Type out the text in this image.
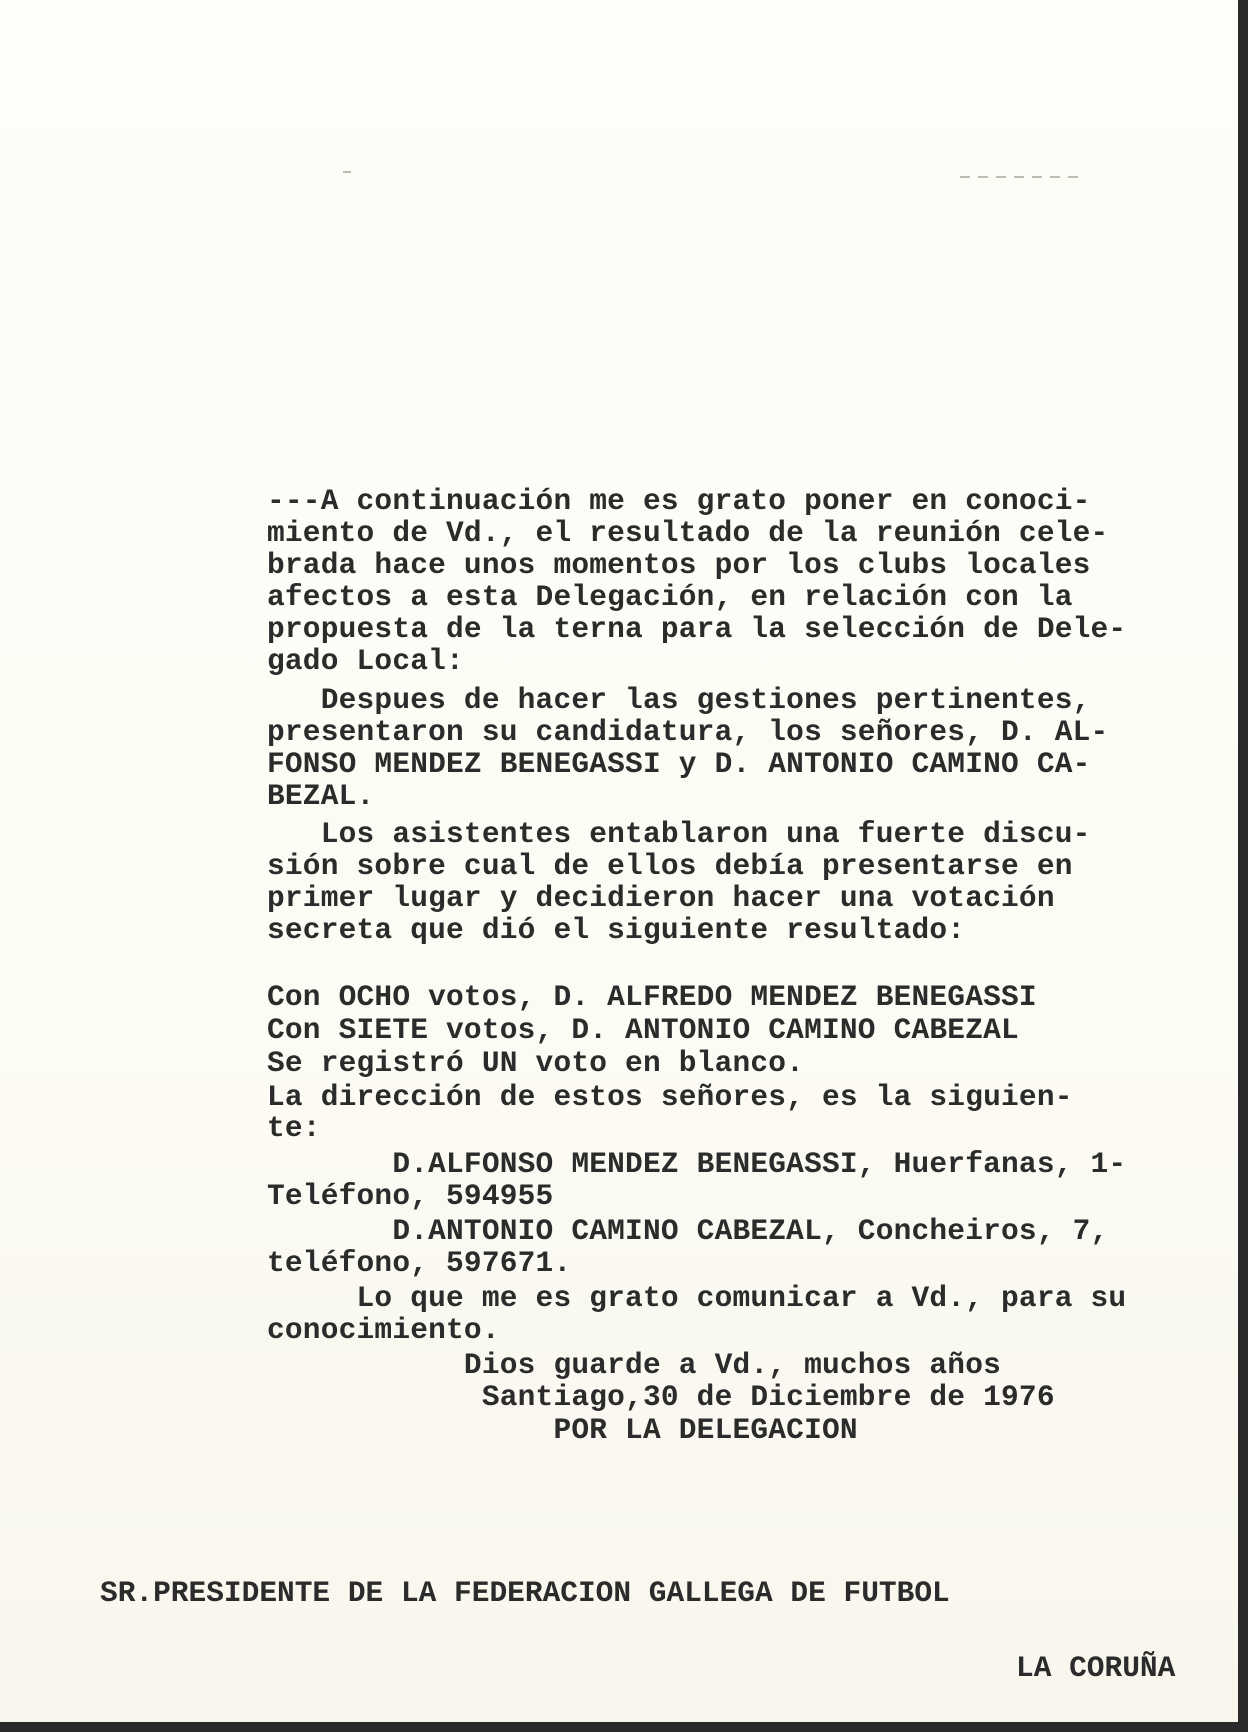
---A continuación me es grato poner en conoci-
miento de Vd., el resultado de la reunión cele-
brada hace unos momentos por los clubs locales
afectos a esta Delegación, en relación con la
propuesta de la terna para la selección de Dele-
gado Local:
Despues de hacer las gestiones pertinentes,
presentaron su candidatura, los señores, D. AL-
FONSO MENDEZ BENEGASSI y D. ANTONIO CAMINO CA-
BEZAL.
Los asistentes entablaron una fuerte discu-
sión sobre cual de ellos debía presentarse en
primer lugar y decidieron hacer una votación
secreta que dió el siguiente resultado:
Con OCHO votos, D. ALFREDO MENDEZ BENEGASSI
Con SIETE votos, D. ANTONIO CAMINO CABEZAL
Se registró UN voto en blanco.
La dirección de estos señores, es la siguien-
te:
D.ALFONSO MENDEZ BENEGASSI, Huerfanas, 1-
Teléfono, 594955
D.ANTONIO CAMINO CABEZAL, Concheiros, 7,
teléfono, 597671.
Lo que me es grato comunicar a Vd., para su
conocimiento.
Dios guarde a Vd., muchos años
Santiago,30 de Diciembre de 1976
POR LA DELEGACION
SR.PRESIDENTE DE LA FEDERACION GALLEGA DE FUTBOL
LA CORUÑA
